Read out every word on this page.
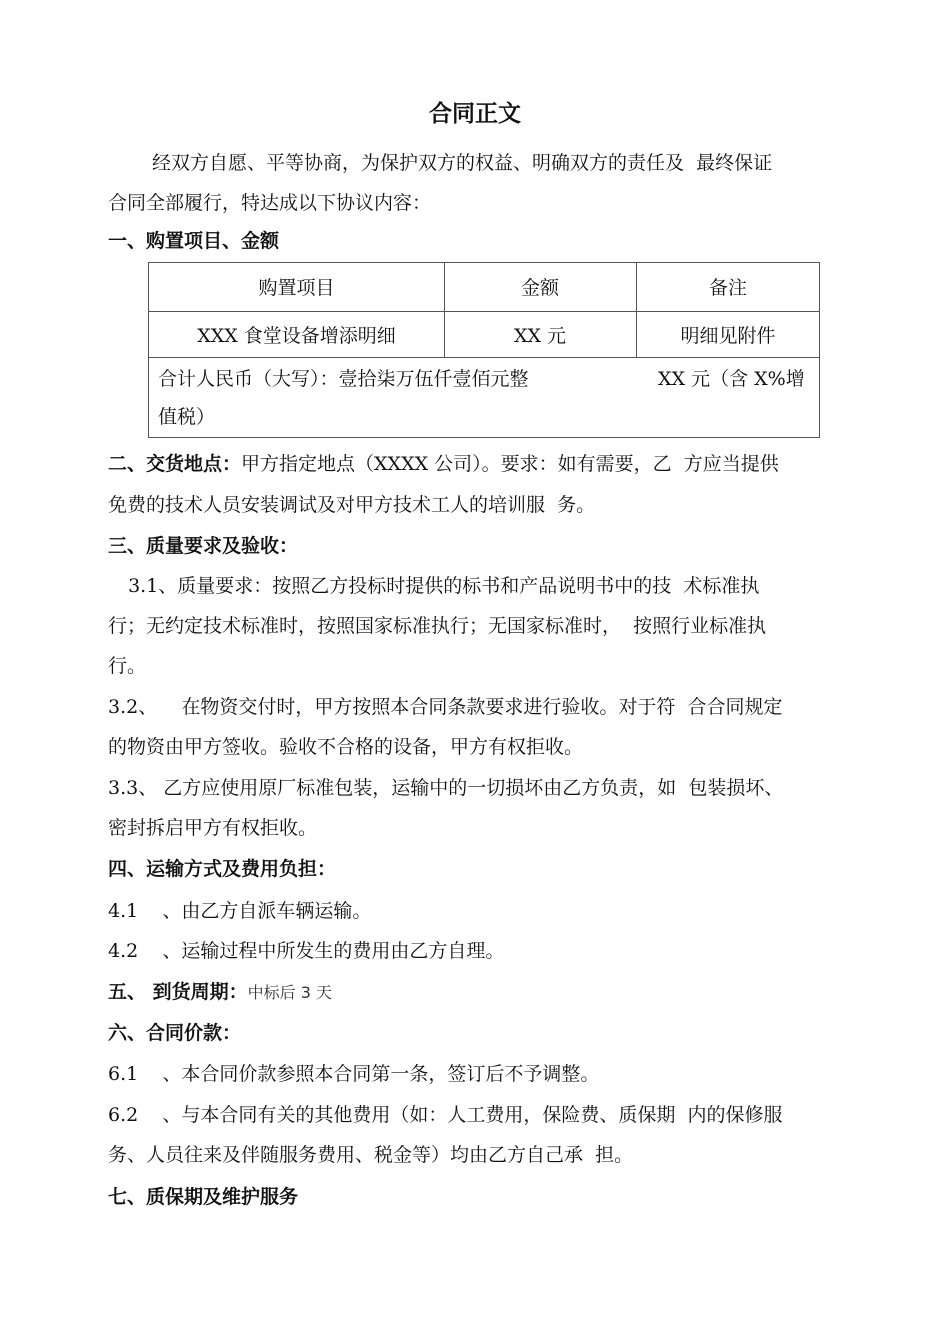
合同正文
经双方自愿、平等协商，为保护双方的权益、明确双方的责任及  最终保证
合同全部履行，特达成以下协议内容：
一、购置项目、金额
购置项目	金额	备注
XXX 食堂设备增添明细	XX 元	明细见附件
合计人民币（大写）：壹拾柒万伍仟壹佰元整	XX 元（含 X%增
值税）
二、交货地点：甲方指定地点（XXXX 公司）。要求：如有需要，乙  方应当提供
免费的技术人员安装调试及对甲方技术工人的培训服  务。
三、质量要求及验收：
3.1、质量要求：按照乙方投标时提供的标书和产品说明书中的技  术标准执
行；无约定技术标准时，按照国家标准执行；无国家标准时，  按照行业标准执
行。
3.2、    在物资交付时，甲方按照本合同条款要求进行验收。对于符  合合同规定
的物资由甲方签收。验收不合格的设备，甲方有权拒收。
3.3、 乙方应使用原厂标准包装，运输中的一切损坏由乙方负责，如  包装损坏、
密封拆启甲方有权拒收。
四、运输方式及费用负担：
4.1    、由乙方自派车辆运输。
4.2    、运输过程中所发生的费用由乙方自理。
五、 到货周期：中标后 3 天
六、合同价款：
6.1    、本合同价款参照本合同第一条，签订后不予调整。
6.2    、与本合同有关的其他费用（如：人工费用，保险费、质保期  内的保修服
务、人员往来及伴随服务费用、税金等）均由乙方自己承  担。
七、质保期及维护服务
